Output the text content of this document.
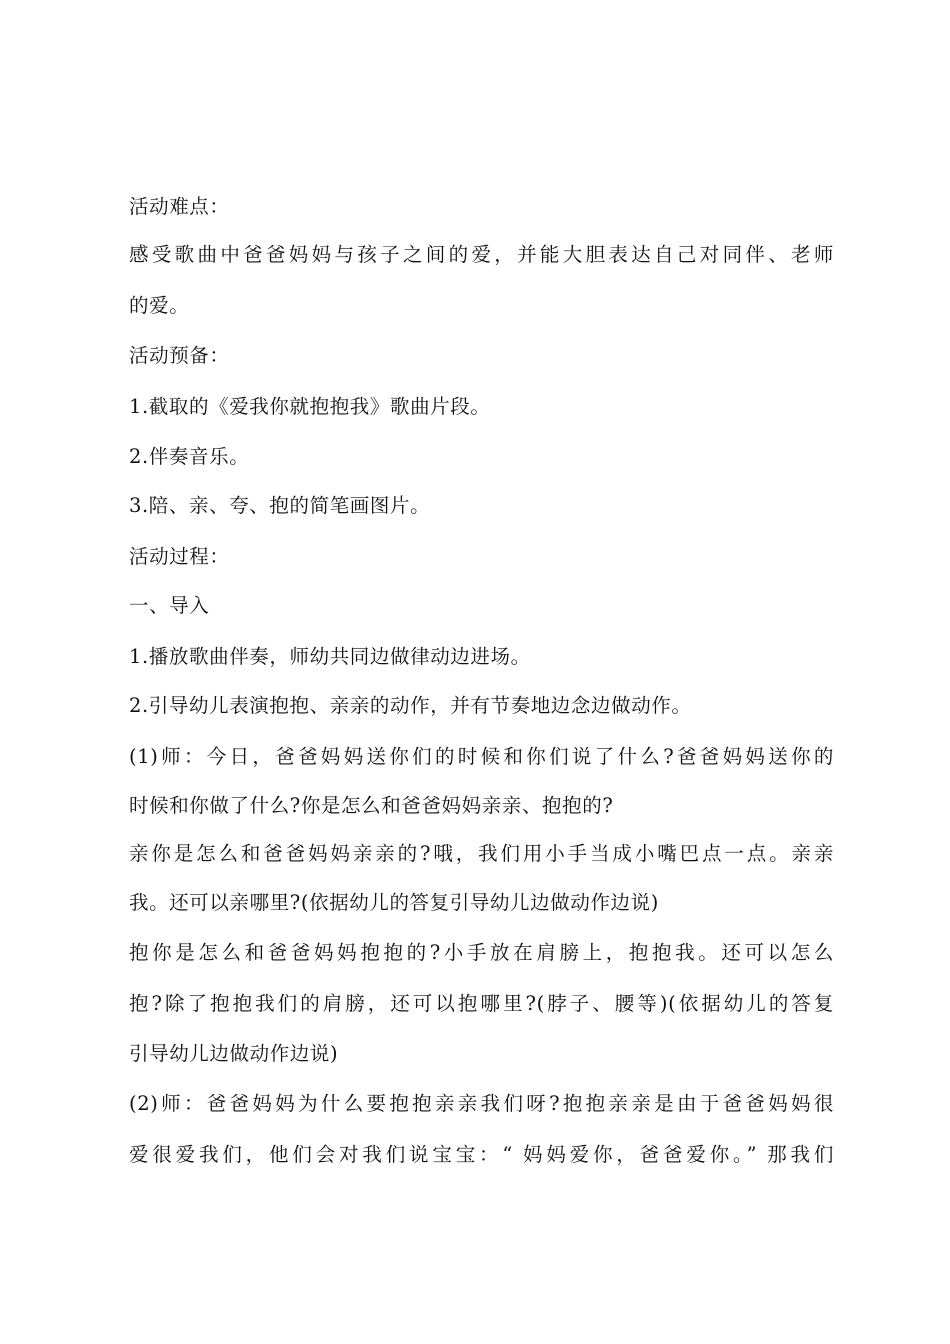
活动难点：
感受歌曲中爸爸妈妈与孩子之间的爱，并能大胆表达自己对同伴、老师
的爱。
活动预备：
1.截取的《爱我你就抱抱我》歌曲片段。
2.伴奏音乐。
3.陪、亲、夸、抱的简笔画图片。
活动过程：
一、导入
1.播放歌曲伴奏，师幼共同边做律动边进场。
2.引导幼儿表演抱抱、亲亲的动作，并有节奏地边念边做动作。
(1)师：今日，爸爸妈妈送你们的时候和你们说了什么?爸爸妈妈送你的
时候和你做了什么?你是怎么和爸爸妈妈亲亲、抱抱的?
亲你是怎么和爸爸妈妈亲亲的?哦，我们用小手当成小嘴巴点一点。亲亲
我。还可以亲哪里?(依据幼儿的答复引导幼儿边做动作边说)
抱你是怎么和爸爸妈妈抱抱的?小手放在肩膀上，抱抱我。还可以怎么
抱?除了抱抱我们的肩膀，还可以抱哪里?(脖子、腰等)(依据幼儿的答复
引导幼儿边做动作边说)
(2)师：爸爸妈妈为什么要抱抱亲亲我们呀?抱抱亲亲是由于爸爸妈妈很
爱很爱我们，他们会对我们说宝宝：“ 妈妈爱你，爸爸爱你。” 那我们
